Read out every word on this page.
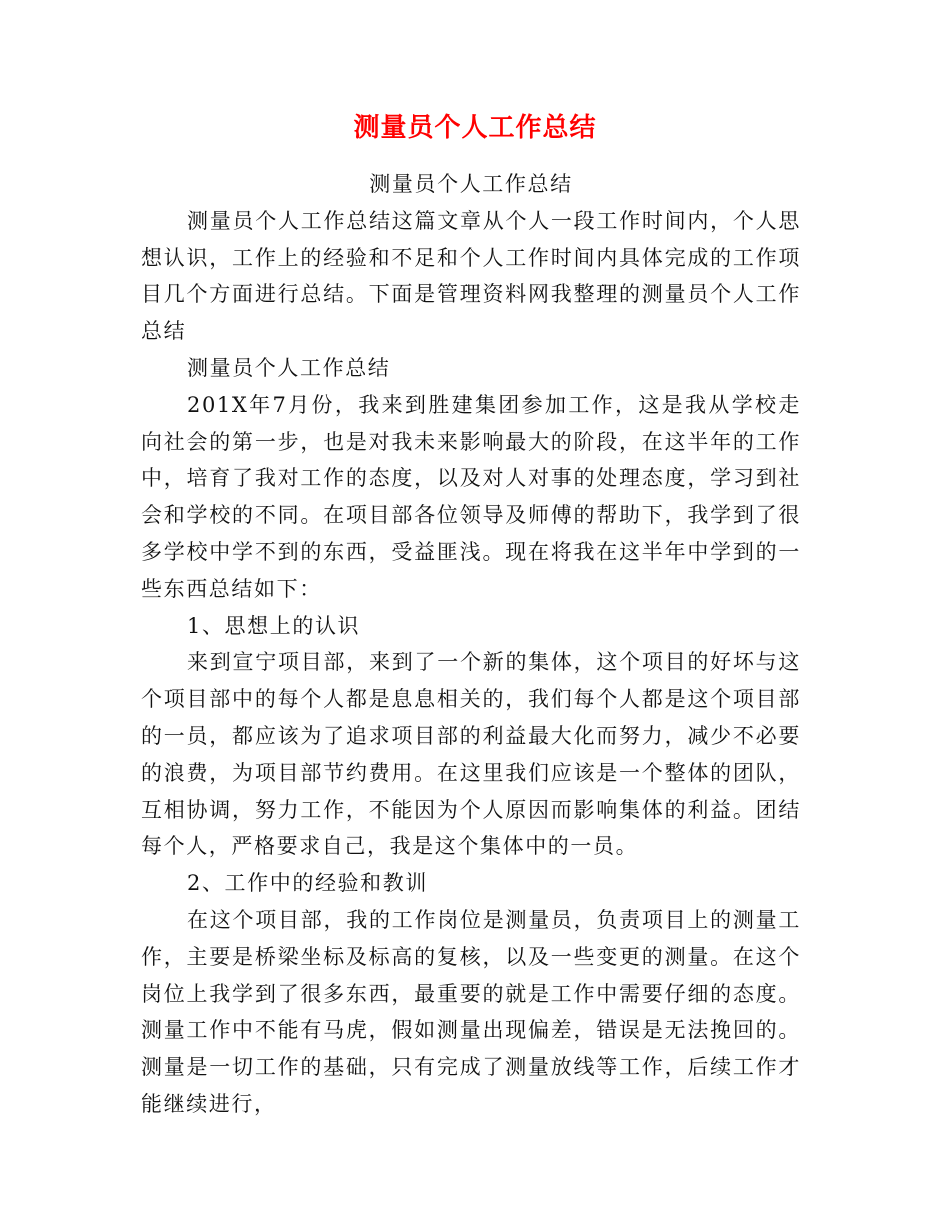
测量员个人工作总结

测量员个人工作总结

测量员个人工作总结这篇文章从个人一段工作时间内，个人思想认识，工作上的经验和不足和个人工作时间内具体完成的工作项目几个方面进行总结。下面是管理资料网我整理的测量员个人工作总结

测量员个人工作总结

201X年7月份，我来到胜建集团参加工作，这是我从学校走向社会的第一步，也是对我未来影响最大的阶段，在这半年的工作中，培育了我对工作的态度，以及对人对事的处理态度，学习到社会和学校的不同。在项目部各位领导及师傅的帮助下，我学到了很多学校中学不到的东西，受益匪浅。现在将我在这半年中学到的一些东西总结如下：

1、思想上的认识

来到宣宁项目部，来到了一个新的集体，这个项目的好坏与这个项目部中的每个人都是息息相关的，我们每个人都是这个项目部的一员，都应该为了追求项目部的利益最大化而努力，减少不必要的浪费，为项目部节约费用。在这里我们应该是一个整体的团队，互相协调，努力工作，不能因为个人原因而影响集体的利益。团结每个人，严格要求自己，我是这个集体中的一员。

2、工作中的经验和教训

在这个项目部，我的工作岗位是测量员，负责项目上的测量工作，主要是桥梁坐标及标高的复核，以及一些变更的测量。在这个岗位上我学到了很多东西，最重要的就是工作中需要仔细的态度。测量工作中不能有马虎，假如测量出现偏差，错误是无法挽回的。测量是一切工作的基础，只有完成了测量放线等工作，后续工作才能继续进行，
